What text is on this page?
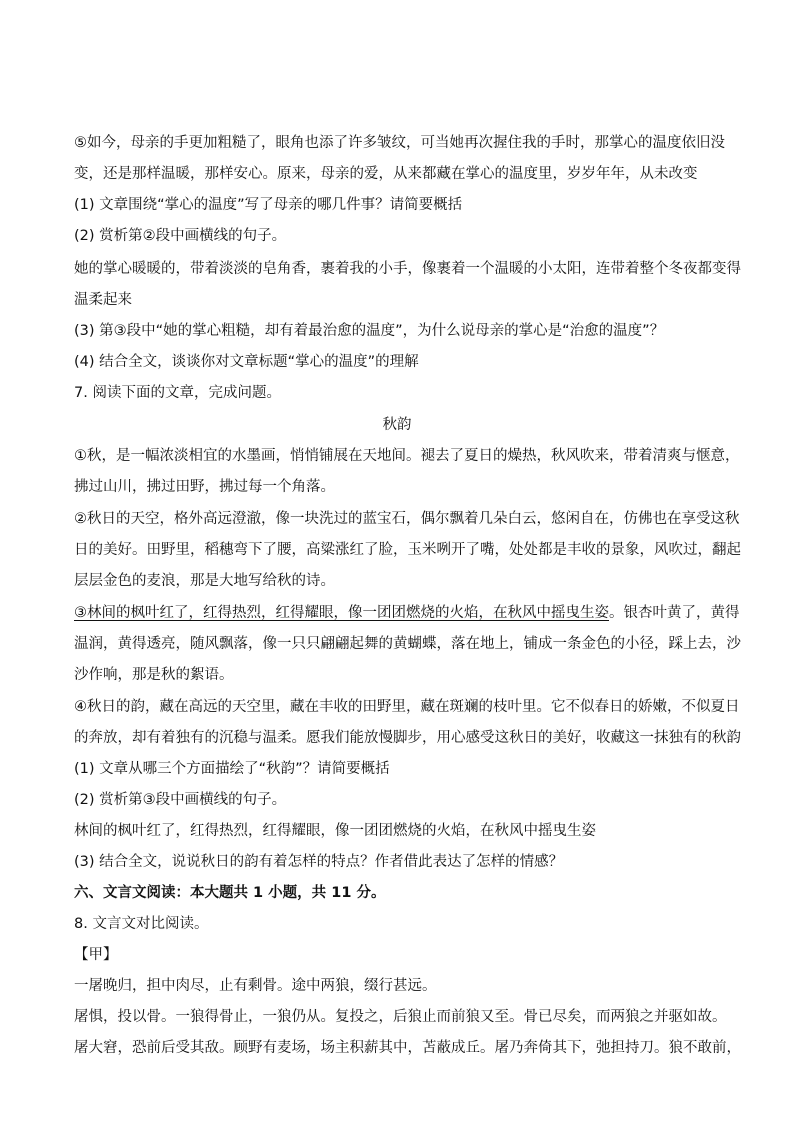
⑤如今，母亲的手更加粗糙了，眼角也添了许多皱纹，可当她再次握住我的手时，那掌心的温度依旧没
变，还是那样温暖，那样安心。原来，母亲的爱，从来都藏在掌心的温度里，岁岁年年，从未改变
(1) 文章围绕“掌心的温度”写了母亲的哪几件事？请简要概括
(2) 赏析第②段中画横线的句子。
她的掌心暖暖的，带着淡淡的皂角香，裹着我的小手，像裹着一个温暖的小太阳，连带着整个冬夜都变得
温柔起来
(3) 第③段中“她的掌心粗糙，却有着最治愈的温度”，为什么说母亲的掌心是“治愈的温度”？
(4) 结合全文，谈谈你对文章标题“掌心的温度”的理解
7. 阅读下面的文章，完成问题。
秋韵
①秋，是一幅浓淡相宜的水墨画，悄悄铺展在天地间。褪去了夏日的燥热，秋风吹来，带着清爽与惬意，
拂过山川，拂过田野，拂过每一个角落。
②秋日的天空，格外高远澄澈，像一块洗过的蓝宝石，偶尔飘着几朵白云，悠闲自在，仿佛也在享受这秋
日的美好。田野里，稻穗弯下了腰，高粱涨红了脸，玉米咧开了嘴，处处都是丰收的景象，风吹过，翻起
层层金色的麦浪，那是大地写给秋的诗。
③林间的枫叶红了，红得热烈，红得耀眼，像一团团燃烧的火焰，在秋风中摇曳生姿。银杏叶黄了，黄得
温润，黄得透亮，随风飘落，像一只只翩翩起舞的黄蝴蝶，落在地上，铺成一条金色的小径，踩上去，沙
沙作响，那是秋的絮语。
④秋日的韵，藏在高远的天空里，藏在丰收的田野里，藏在斑斓的枝叶里。它不似春日的娇嫩，不似夏日
的奔放，却有着独有的沉稳与温柔。愿我们能放慢脚步，用心感受这秋日的美好，收藏这一抹独有的秋韵
(1) 文章从哪三个方面描绘了“秋韵”？请简要概括
(2) 赏析第③段中画横线的句子。
林间的枫叶红了，红得热烈，红得耀眼，像一团团燃烧的火焰，在秋风中摇曳生姿
(3) 结合全文，说说秋日的韵有着怎样的特点？作者借此表达了怎样的情感？
六、文言文阅读：本大题共 1 小题，共 11 分。
8. 文言文对比阅读。
【甲】
一屠晚归，担中肉尽，止有剩骨。途中两狼，缀行甚远。
屠惧，投以骨。一狼得骨止，一狼仍从。复投之，后狼止而前狼又至。骨已尽矣，而两狼之并驱如故。
屠大窘，恐前后受其敌。顾野有麦场，场主积薪其中，苫蔽成丘。屠乃奔倚其下，弛担持刀。狼不敢前，
